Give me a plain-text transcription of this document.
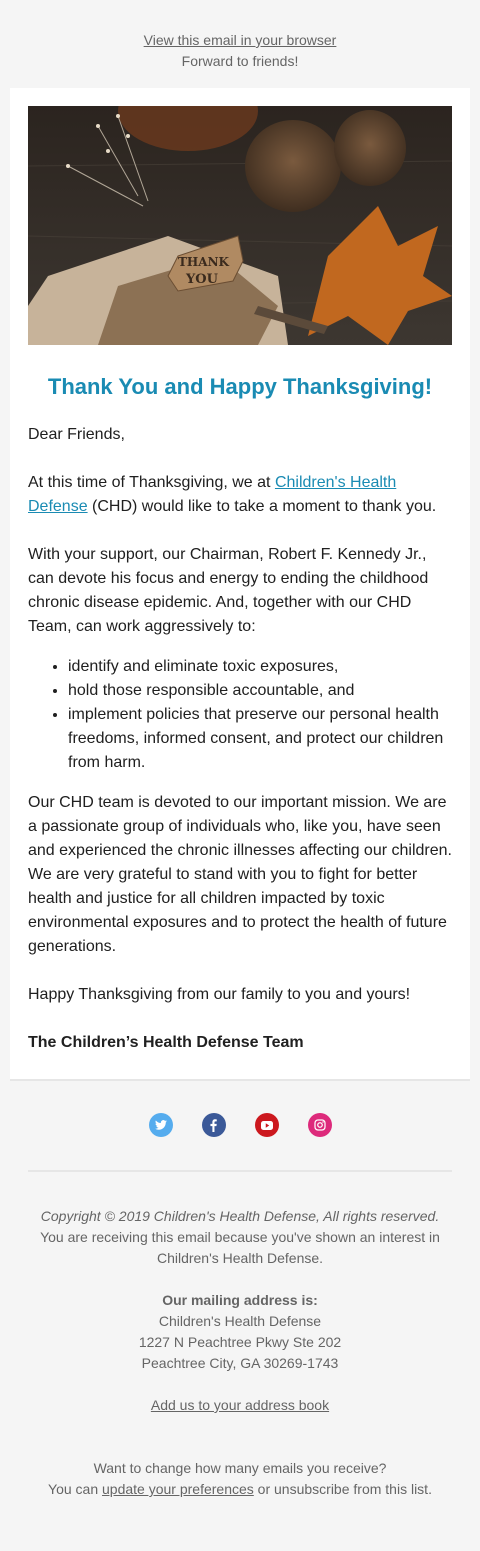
View this email in your browser
Forward to friends!
THANK
YOU
Thank You and Happy Thanksgiving!

Dear Friends,

At this time of Thanksgiving, we at Children's Health Defense (CHD) would like to take a moment to thank you.

With your support, our Chairman, Robert F. Kennedy Jr., can devote his focus and energy to ending the childhood chronic disease epidemic. And, together with our CHD Team, can work aggressively to:

• identify and eliminate toxic exposures,
• hold those responsible accountable, and
• implement policies that preserve our personal health freedoms, informed consent, and protect our children from harm.

Our CHD team is devoted to our important mission. We are a passionate group of individuals who, like you, have seen and experienced the chronic illnesses affecting our children. We are very grateful to stand with you to fight for better health and justice for all children impacted by toxic environmental exposures and to protect the health of future generations.

Happy Thanksgiving from our family to you and yours!

The Children’s Health Defense Team

Copyright © 2019 Children's Health Defense, All rights reserved.
You are receiving this email because you've shown an interest in Children's Health Defense.
Our mailing address is:
Children's Health Defense
1227 N Peachtree Pkwy Ste 202
Peachtree City, GA 30269-1743
Add us to your address book
Want to change how many emails you receive?
You can update your preferences or unsubscribe from this list.
